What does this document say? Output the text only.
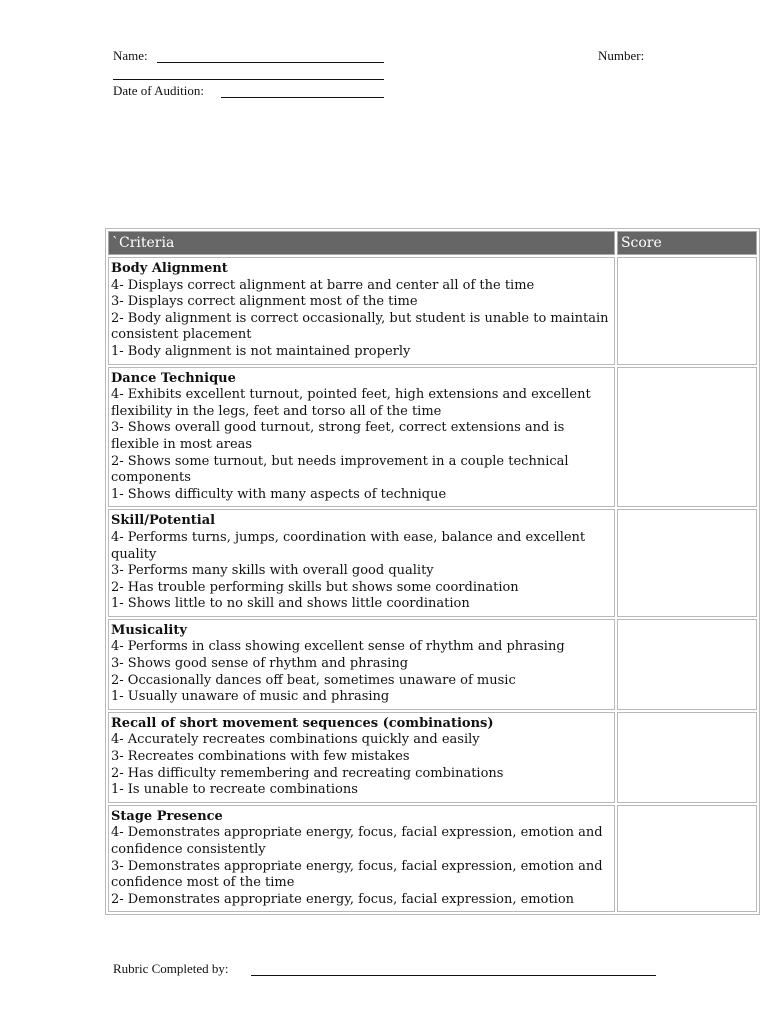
Name:	Number:
Date of Audition:
`Criteria	Score

Body Alignment
4- Displays correct alignment at barre and center all of the time
3- Displays correct alignment most of the time
2- Body alignment is correct occasionally, but student is unable to maintain consistent placement
1- Body alignment is not maintained properly	

Dance Technique
4- Exhibits excellent turnout, pointed feet, high extensions and excellent flexibility in the legs, feet and torso all of the time
3- Shows overall good turnout, strong feet, correct extensions and is flexible in most areas
2- Shows some turnout, but needs improvement in a couple technical components
1- Shows difficulty with many aspects of technique	

Skill/Potential
4- Performs turns, jumps, coordination with ease, balance and excellent quality
3- Performs many skills with overall good quality
2- Has trouble performing skills but shows some coordination
1- Shows little to no skill and shows little coordination	

Musicality
4- Performs in class showing excellent sense of rhythm and phrasing
3- Shows good sense of rhythm and phrasing
2- Occasionally dances off beat, sometimes unaware of music
1- Usually unaware of music and phrasing	

Recall of short movement sequences (combinations)
4- Accurately recreates combinations quickly and easily
3- Recreates combinations with few mistakes
2- Has difficulty remembering and recreating combinations
1- Is unable to recreate combinations	

Stage Presence
4- Demonstrates appropriate energy, focus, facial expression, emotion and confidence consistently
3- Demonstrates appropriate energy, focus, facial expression, emotion and confidence most of the time
2- Demonstrates appropriate energy, focus, facial expression, emotion	

Rubric Completed by:
